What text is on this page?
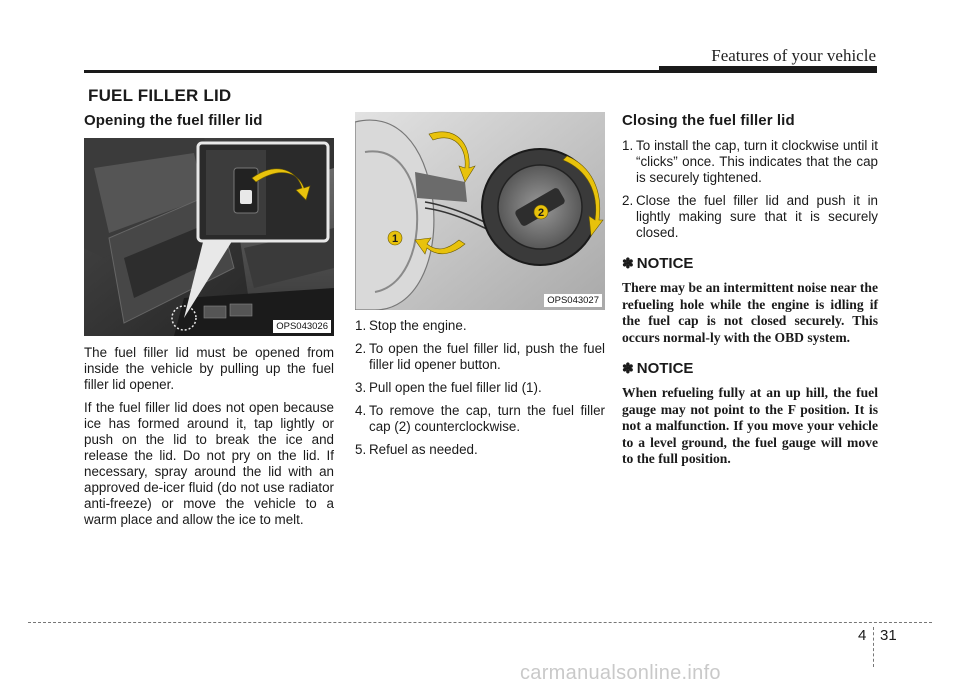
Features of your vehicle
FUEL FILLER LID
Opening the fuel filler lid
OPS043026

The fuel filler lid must be opened from inside the vehicle by pulling up the fuel filler lid opener.

If the fuel filler lid does not open because ice has formed around it, tap lightly or push on the lid to break the ice and release the lid. Do not pry on the lid. If necessary, spray around the lid with an approved de-icer fluid (do not use radiator anti-freeze) or move the vehicle to a warm place and allow the ice to melt.

1
2
OPS043027
1. Stop the engine.
2. To open the fuel filler lid, push the fuel filler lid opener button.
3. Pull open the fuel filler lid (1).
4. To remove the cap, turn the fuel filler cap (2) counterclockwise.
5. Refuel as needed.
Closing the fuel filler lid
1. To install the cap, turn it clockwise until it “clicks” once. This indicates that the cap is securely tightened.
2. Close the fuel filler lid and push it in lightly making sure that it is securely closed.
✽ NOTICE

There may be an intermittent noise near the refueling hole while the engine is idling if the fuel cap is not closed securely. This occurs normal-ly with the OBD system.

✽ NOTICE

When refueling fully at an up hill, the fuel gauge may not point to the F position. It is not a malfunction. If you move your vehicle to a level ground, the fuel gauge will move to the full position.

4 31
carmanualsonline.info
